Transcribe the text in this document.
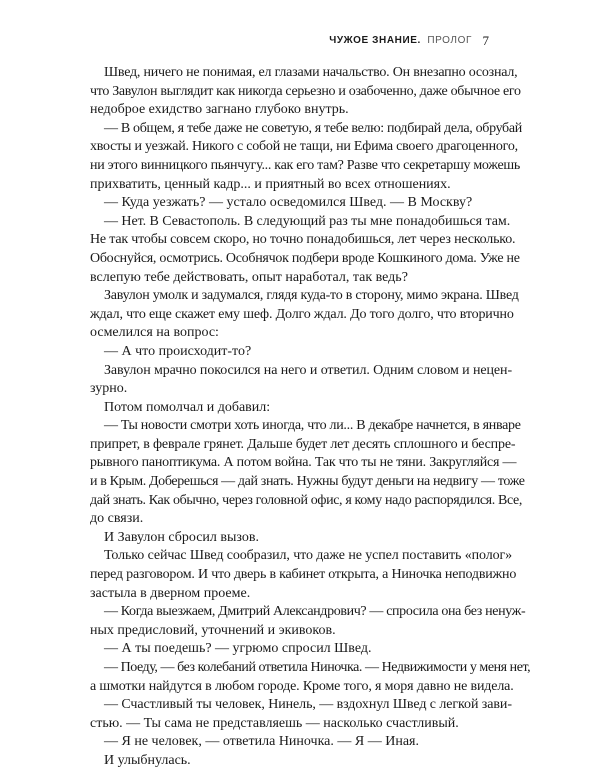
ЧУЖОЕ ЗНАНИЕ. ПРОЛОГ 7

Швед, ничего не понимая, ел глазами начальство. Он внезапно осознал,

что Завулон выглядит как никогда серьезно и озабоченно, даже обычное его

недоброе ехидство загнано глубоко внутрь.

— В общем, я тебе даже не советую, я тебе велю: подбирай дела, обрубай

хвосты и уезжай. Никого с собой не тащи, ни Ефима своего драгоценного,

ни этого винницкого пьянчугу... как его там? Разве что секретаршу можешь

прихватить, ценный кадр... и приятный во всех отношениях.

— Куда уезжать? — устало осведомился Швед. — В Москву?

— Нет. В Севастополь. В следующий раз ты мне понадобишься там.

Не так чтобы совсем скоро, но точно понадобишься, лет через несколько.

Обоснуйся, осмотрись. Особнячок подбери вроде Кошкиного дома. Уже не

вслепую тебе действовать, опыт наработал, так ведь?

Завулон умолк и задумался, глядя куда-то в сторону, мимо экрана. Швед

ждал, что еще скажет ему шеф. Долго ждал. До того долго, что вторично

осмелился на вопрос:

— А что происходит-то?

Завулон мрачно покосился на него и ответил. Одним словом и нецен-

зурно.

Потом помолчал и добавил:

— Ты новости смотри хоть иногда, что ли... В декабре начнется, в январе

припрет, в феврале грянет. Дальше будет лет десять сплошного и беспре-

рывного паноптикума. А потом война. Так что ты не тяни. Закругляйся —

и в Крым. Доберешься — дай знать. Нужны будут деньги на недвигу — тоже

дай знать. Как обычно, через головной офис, я кому надо распорядился. Все,

до связи.

И Завулон сбросил вызов.

Только сейчас Швед сообразил, что даже не успел поставить «полог»

перед разговором. И что дверь в кабинет открыта, а Ниночка неподвижно

застыла в дверном проеме.

— Когда выезжаем, Дмитрий Александрович? — спросила она без ненуж-

ных предисловий, уточнений и экивоков.

— А ты поедешь? — угрюмо спросил Швед.

— Поеду, — без колебаний ответила Ниночка. — Недвижимости у меня нет,

а шмотки найдутся в любом городе. Кроме того, я моря давно не видела.

— Счастливый ты человек, Нинель, — вздохнул Швед с легкой зави-

стью. — Ты сама не представляешь — насколько счастливый.

— Я не человек, — ответила Ниночка. — Я — Иная.

И улыбнулась.
